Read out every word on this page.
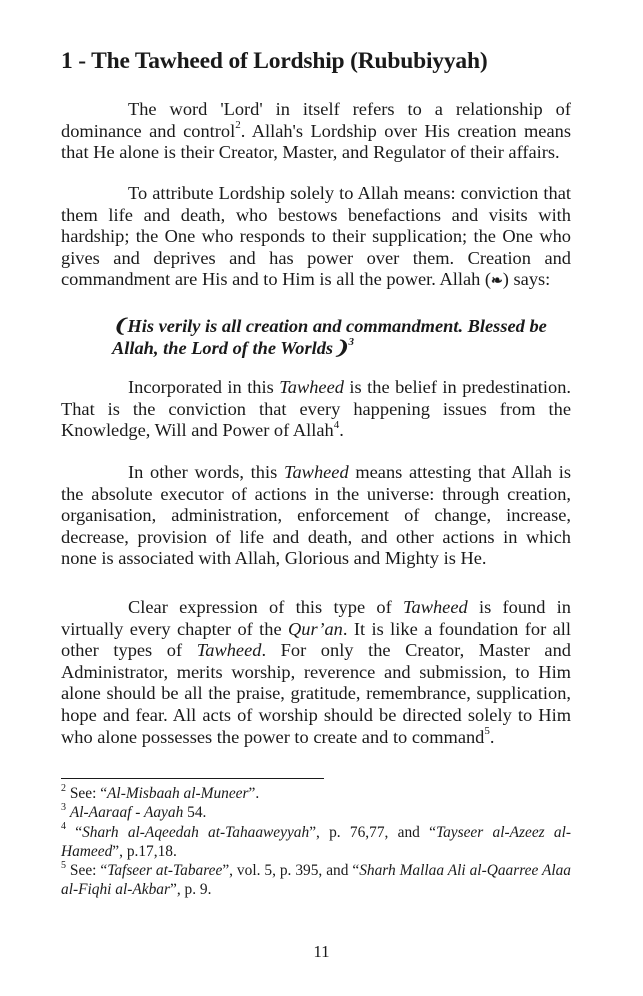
1 - The Tawheed of Lordship (Rububiyyah)

The word 'Lord' in itself refers to a relationship of dominance and control$^2$. Allah's Lordship over His creation means that He alone is their Creator, Master, and Regulator of their affairs.

To attribute Lordship solely to Allah means: conviction that them life and death, who bestows benefactions and visits with hardship; the One who responds to their supplication; the One who gives and deprives and has power over them. Creation and commandment are His and to Him is all the power. Allah (❧) says:

❨His verily is all creation and commandment. Blessed be Allah, the Lord of the Worlds❩$^3$

Incorporated in this Tawheed is the belief in predestination. That is the conviction that every happening issues from the Knowledge, Will and Power of Allah$^4$.

In other words, this Tawheed means attesting that Allah is the absolute executor of actions in the universe: through creation, organisation, administration, enforcement of change, increase, decrease, provision of life and death, and other actions in which none is associated with Allah, Glorious and Mighty is He.

Clear expression of this type of Tawheed is found in virtually every chapter of the Qur’an. It is like a foundation for all other types of Tawheed. For only the Creator, Master and Administrator, merits worship, reverence and submission, to Him alone should be all the praise, gratitude, remembrance, supplication, hope and fear. All acts of worship should be directed solely to Him who alone possesses the power to create and to command$^5$.

$^2$ See: “Al-Misbaah al-Muneer”.
$^3$ Al-Aaraaf - Aayah 54.
$^4$ “Sharh al-Aqeedah at-Tahaaweyyah”, p. 76,77, and “Tayseer al-Azeez al-Hameed”, p.17,18.
$^5$ See: “Tafseer at-Tabaree”, vol. 5, p. 395, and “Sharh Mallaa Ali al-Qaarree Alaa al-Fiqhi al-Akbar”, p. 9.
11
